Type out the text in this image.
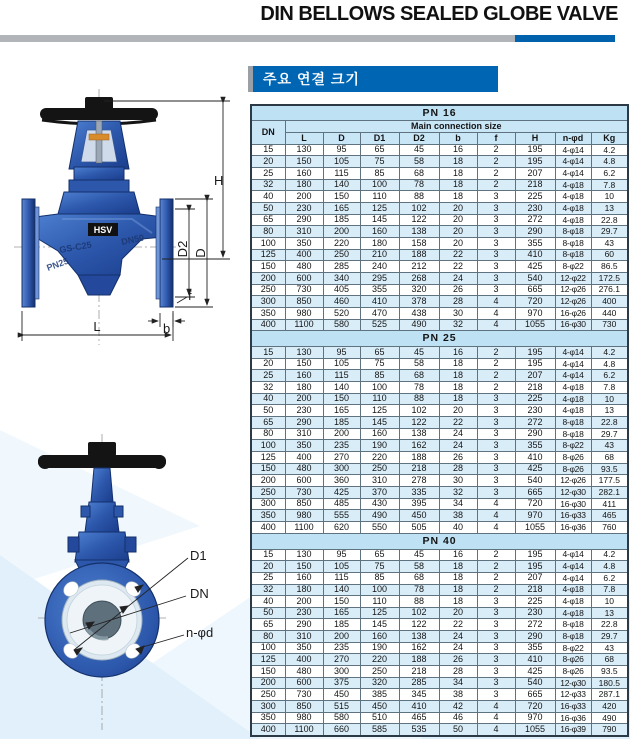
DIN BELLOWS SEALED GLOBE VALVE
주요 연결 크기
HSV
GS-C25	DN50
PN25
H
D
D2
L	b
f
D1
DN
n-φd
PN 16									
DN	Main connection size								
	L	D	D1	D2	b	f	H	n-φd	Kg
15	130	95	65	45	16	2	195	4-φ14	4.2
20	150	105	75	58	18	2	195	4-φ14	4.8
25	160	115	85	68	18	2	207	4-φ14	6.2
32	180	140	100	78	18	2	218	4-φ18	7.8
40	200	150	110	88	18	3	225	4-φ18	10
50	230	165	125	102	20	3	230	4-φ18	13
65	290	185	145	122	20	3	272	4-φ18	22.8
80	310	200	160	138	20	3	290	8-φ18	29.7
100	350	220	180	158	20	3	355	8-φ18	43
125	400	250	210	188	22	3	410	8-φ18	60
150	480	285	240	212	22	3	425	8-φ22	86.5
200	600	340	295	268	24	3	540	12-φ22	172.5
250	730	405	355	320	26	3	665	12-φ26	276.1
300	850	460	410	378	28	4	720	12-φ26	400
350	980	520	470	438	30	4	970	16-φ26	440
400	1100	580	525	490	32	4	1055	16-φ30	730
PN 25									
15	130	95	65	45	16	2	195	4-φ14	4.2
20	150	105	75	58	18	2	195	4-φ14	4.8
25	160	115	85	68	18	2	207	4-φ14	6.2
32	180	140	100	78	18	2	218	4-φ18	7.8
40	200	150	110	88	18	3	225	4-φ18	10
50	230	165	125	102	20	3	230	4-φ18	13
65	290	185	145	122	22	3	272	8-φ18	22.8
80	310	200	160	138	24	3	290	8-φ18	29.7
100	350	235	190	162	24	3	355	8-φ22	43
125	400	270	220	188	26	3	410	8-φ26	68
150	480	300	250	218	28	3	425	8-φ26	93.5
200	600	360	310	278	30	3	540	12-φ26	177.5
250	730	425	370	335	32	3	665	12-φ30	282.1
300	850	485	430	395	34	4	720	16-φ30	411
350	980	555	490	450	38	4	970	16-φ33	465
400	1100	620	550	505	40	4	1055	16-φ36	760
PN 40									
15	130	95	65	45	16	2	195	4-φ14	4.2
20	150	105	75	58	18	2	195	4-φ14	4.8
25	160	115	85	68	18	2	207	4-φ14	6.2
32	180	140	100	78	18	2	218	4-φ18	7.8
40	200	150	110	88	18	3	225	4-φ18	10
50	230	165	125	102	20	3	230	4-φ18	13
65	290	185	145	122	22	3	272	8-φ18	22.8
80	310	200	160	138	24	3	290	8-φ18	29.7
100	350	235	190	162	24	3	355	8-φ22	43
125	400	270	220	188	26	3	410	8-φ26	68
150	480	300	250	218	28	3	425	8-φ26	93.5
200	600	375	320	285	34	3	540	12-φ30	180.5
250	730	450	385	345	38	3	665	12-φ33	287.1
300	850	515	450	410	42	4	720	16-φ33	420
350	980	580	510	465	46	4	970	16-φ36	490
400	1100	660	585	535	50	4	1055	16-φ39	790
